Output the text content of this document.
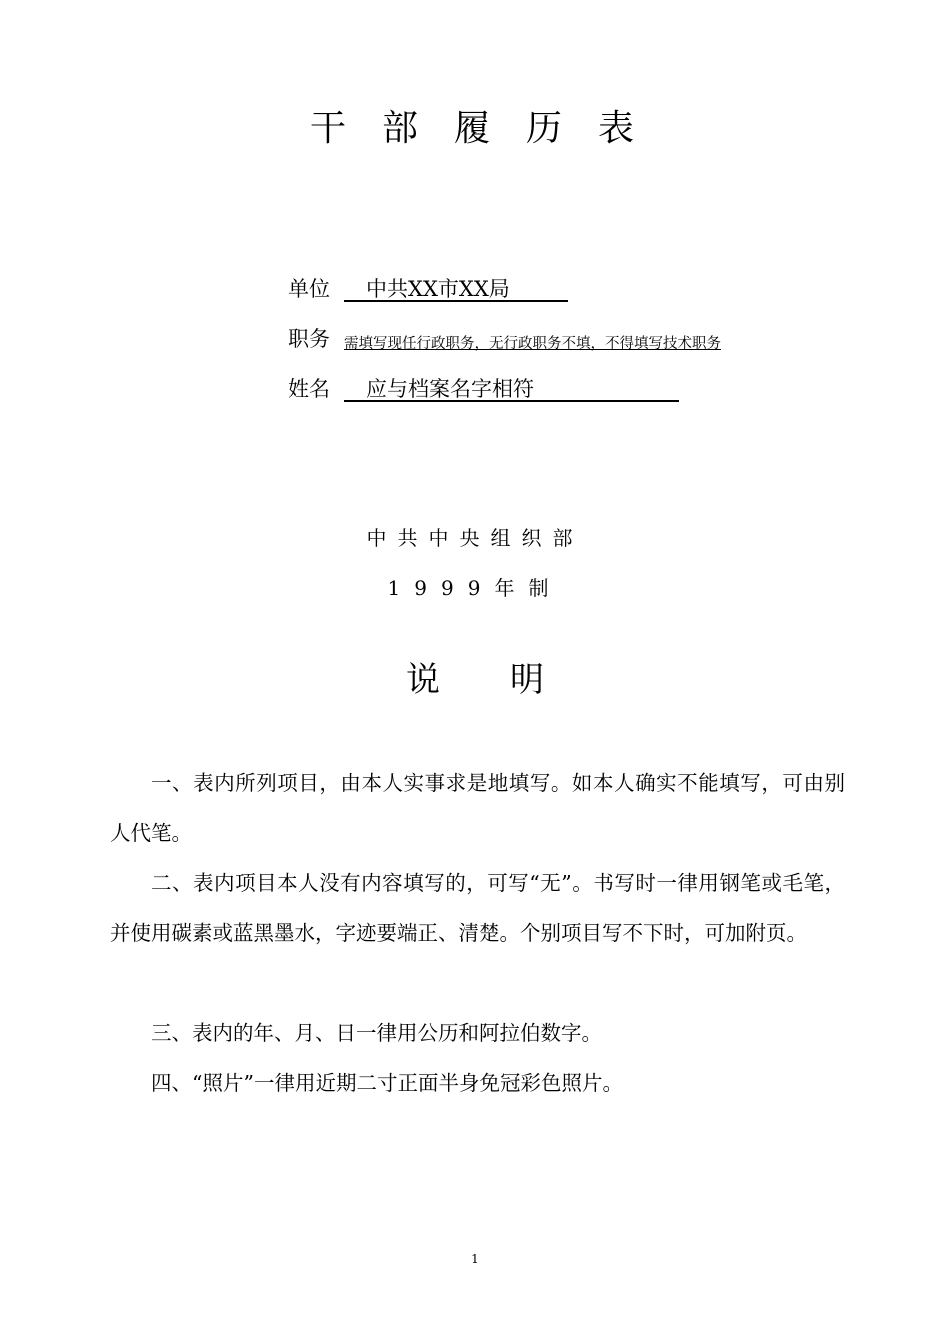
干部履历表
单位	中共XX市XX局
职务 需填写现任行政职务，无行政职务不填，不得填写技术职务
姓名	应与档案名字相符
中共中央组织部
1999年制
说明
一、表内所列项目，由本人实事求是地填写。如本人确实不能填写，可由别人代笔。
二、表内项目本人没有内容填写的，可写“无”。书写时一律用钢笔或毛笔，并使用碳素或蓝黑墨水，字迹要端正、清楚。个别项目写不下时，可加附页。
三、表内的年、月、日一律用公历和阿拉伯数字。
四、“照片”一律用近期二寸正面半身免冠彩色照片。
1
